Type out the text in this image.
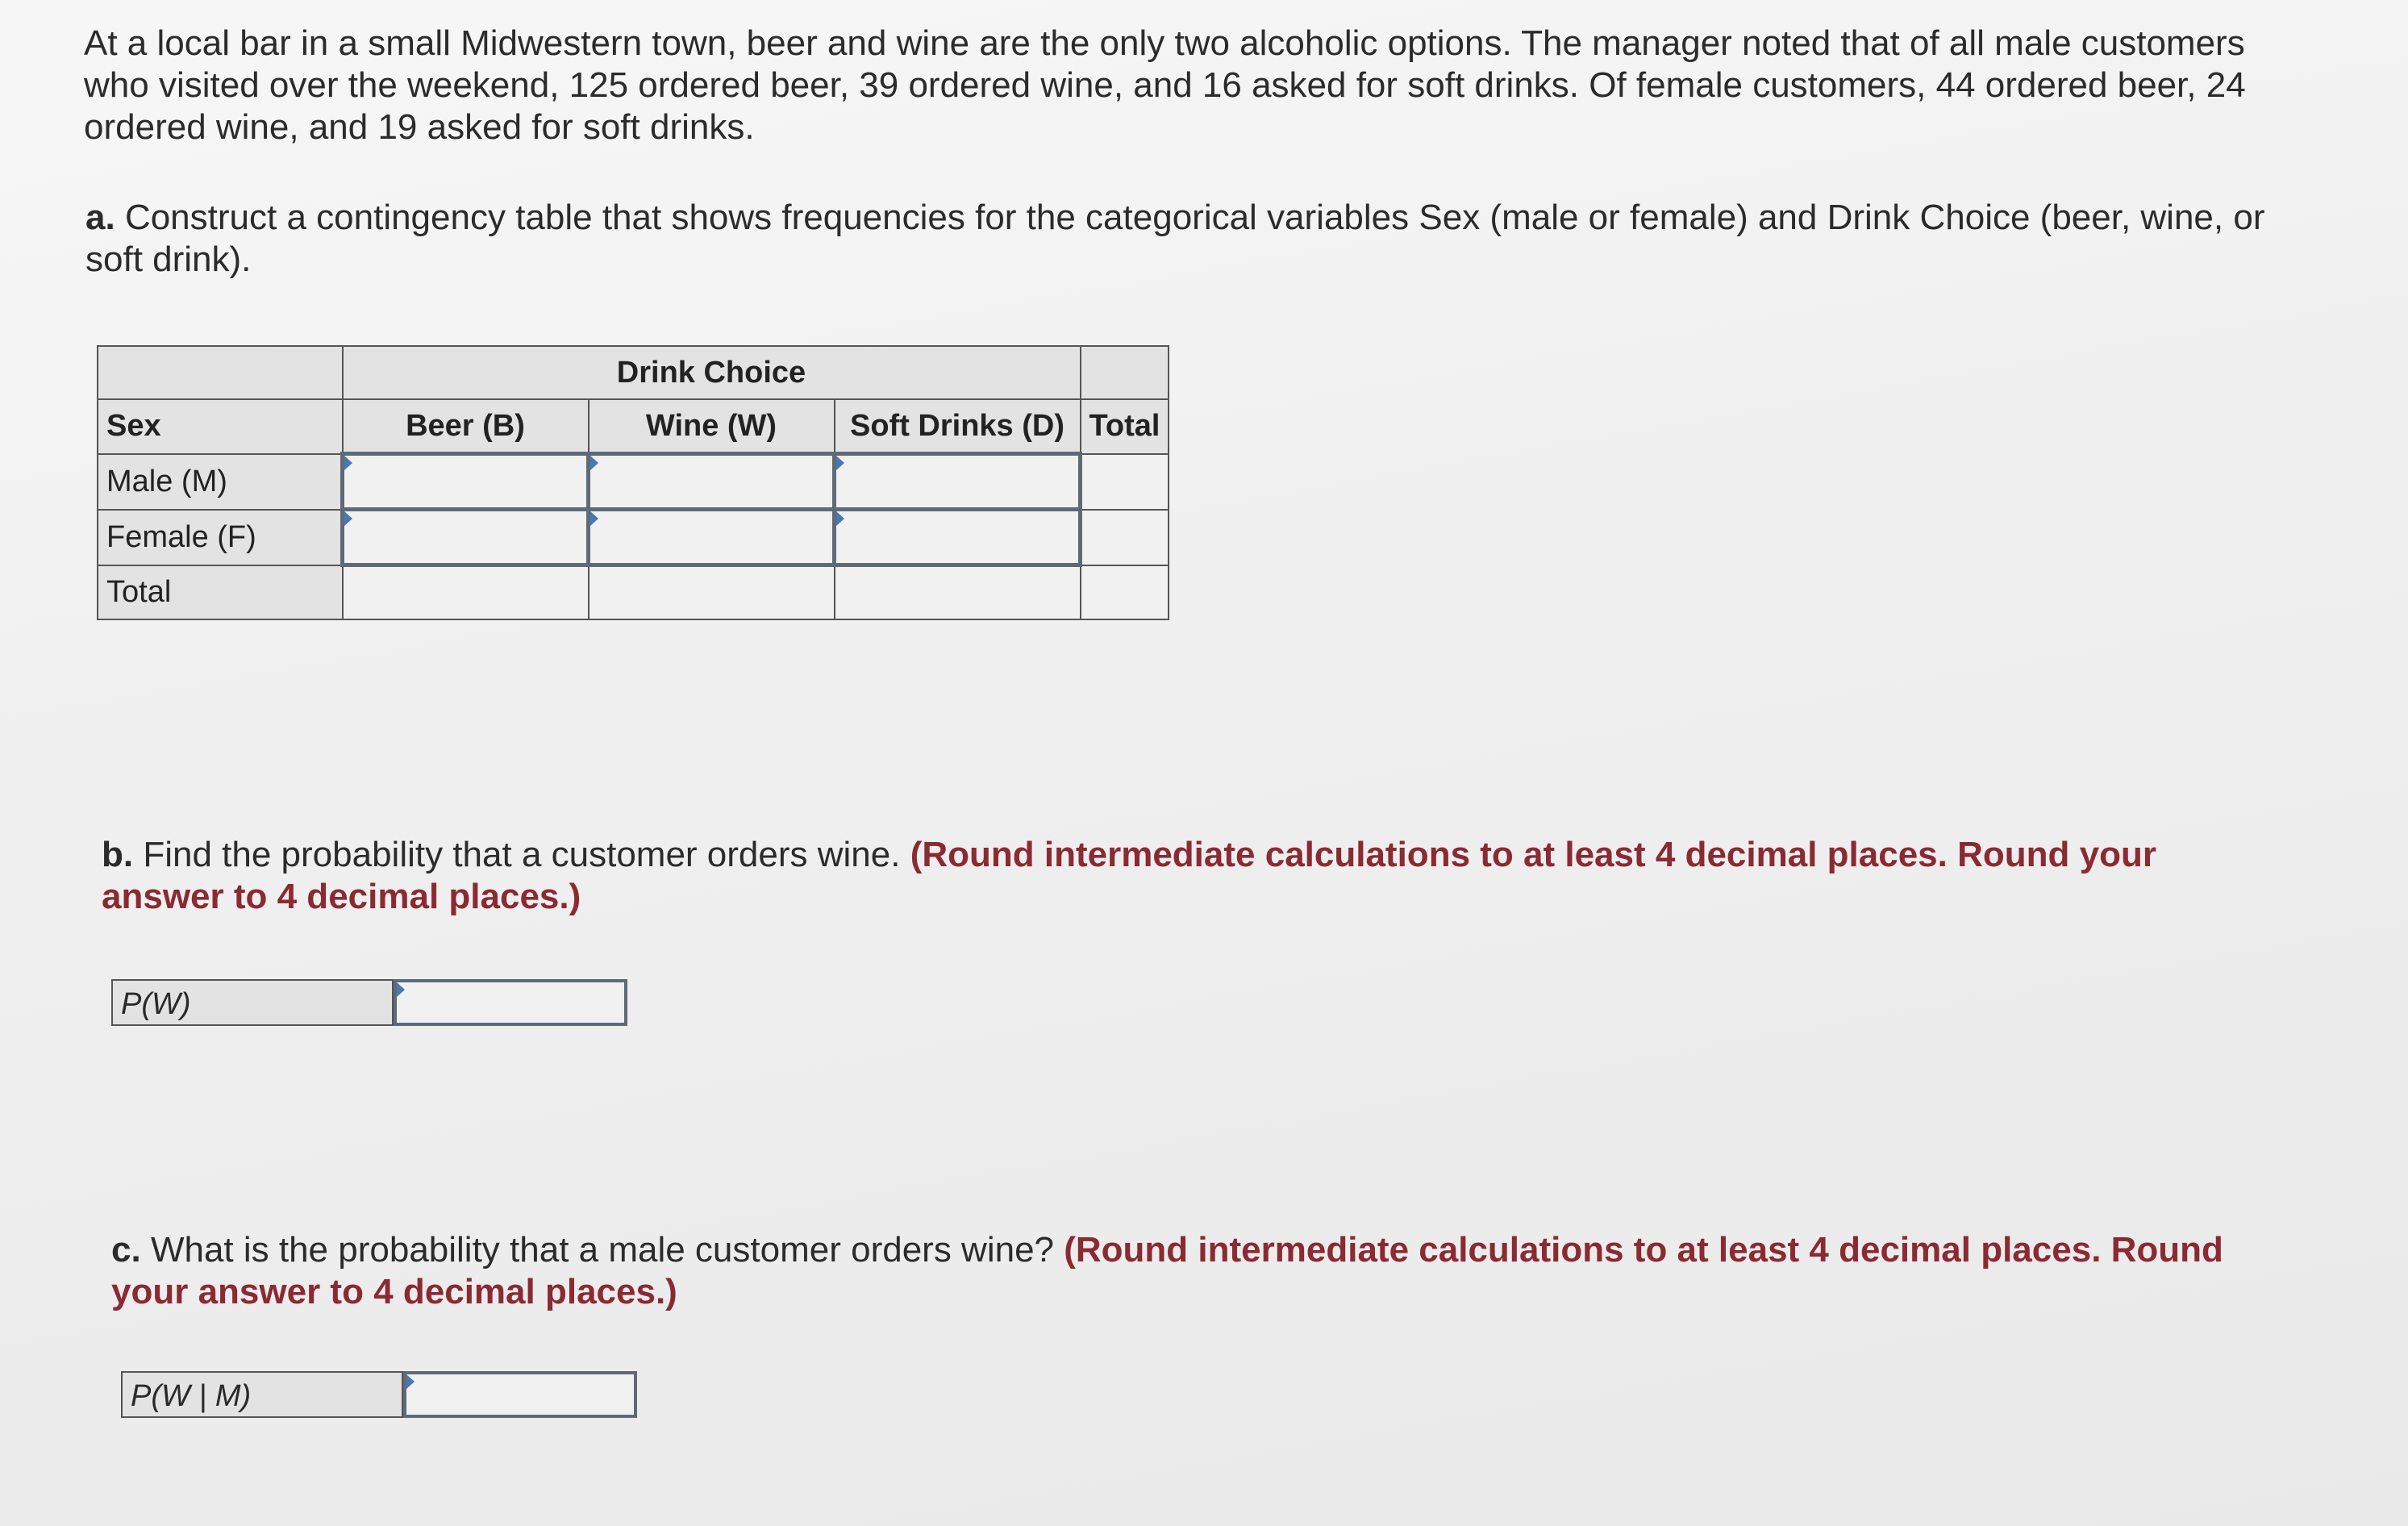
At a local bar in a small Midwestern town, beer and wine are the only two alcoholic options. The manager noted that of all male customers who visited over the weekend, 125 ordered beer, 39 ordered wine, and 16 asked for soft drinks. Of female customers, 44 ordered beer, 24 ordered wine, and 19 asked for soft drinks.
a. Construct a contingency table that shows frequencies for the categorical variables Sex (male or female) and Drink Choice (beer, wine, or soft drink).
	Drink Choice			
Sex	Beer (B)	Wine (W)	Soft Drinks (D)	Total
Male (M)				
Female (F)				
Total				
b. Find the probability that a customer orders wine. (Round intermediate calculations to at least 4 decimal places. Round your answer to 4 decimal places.)
P(W)
c. What is the probability that a male customer orders wine? (Round intermediate calculations to at least 4 decimal places. Round your answer to 4 decimal places.)
P(W | M)
